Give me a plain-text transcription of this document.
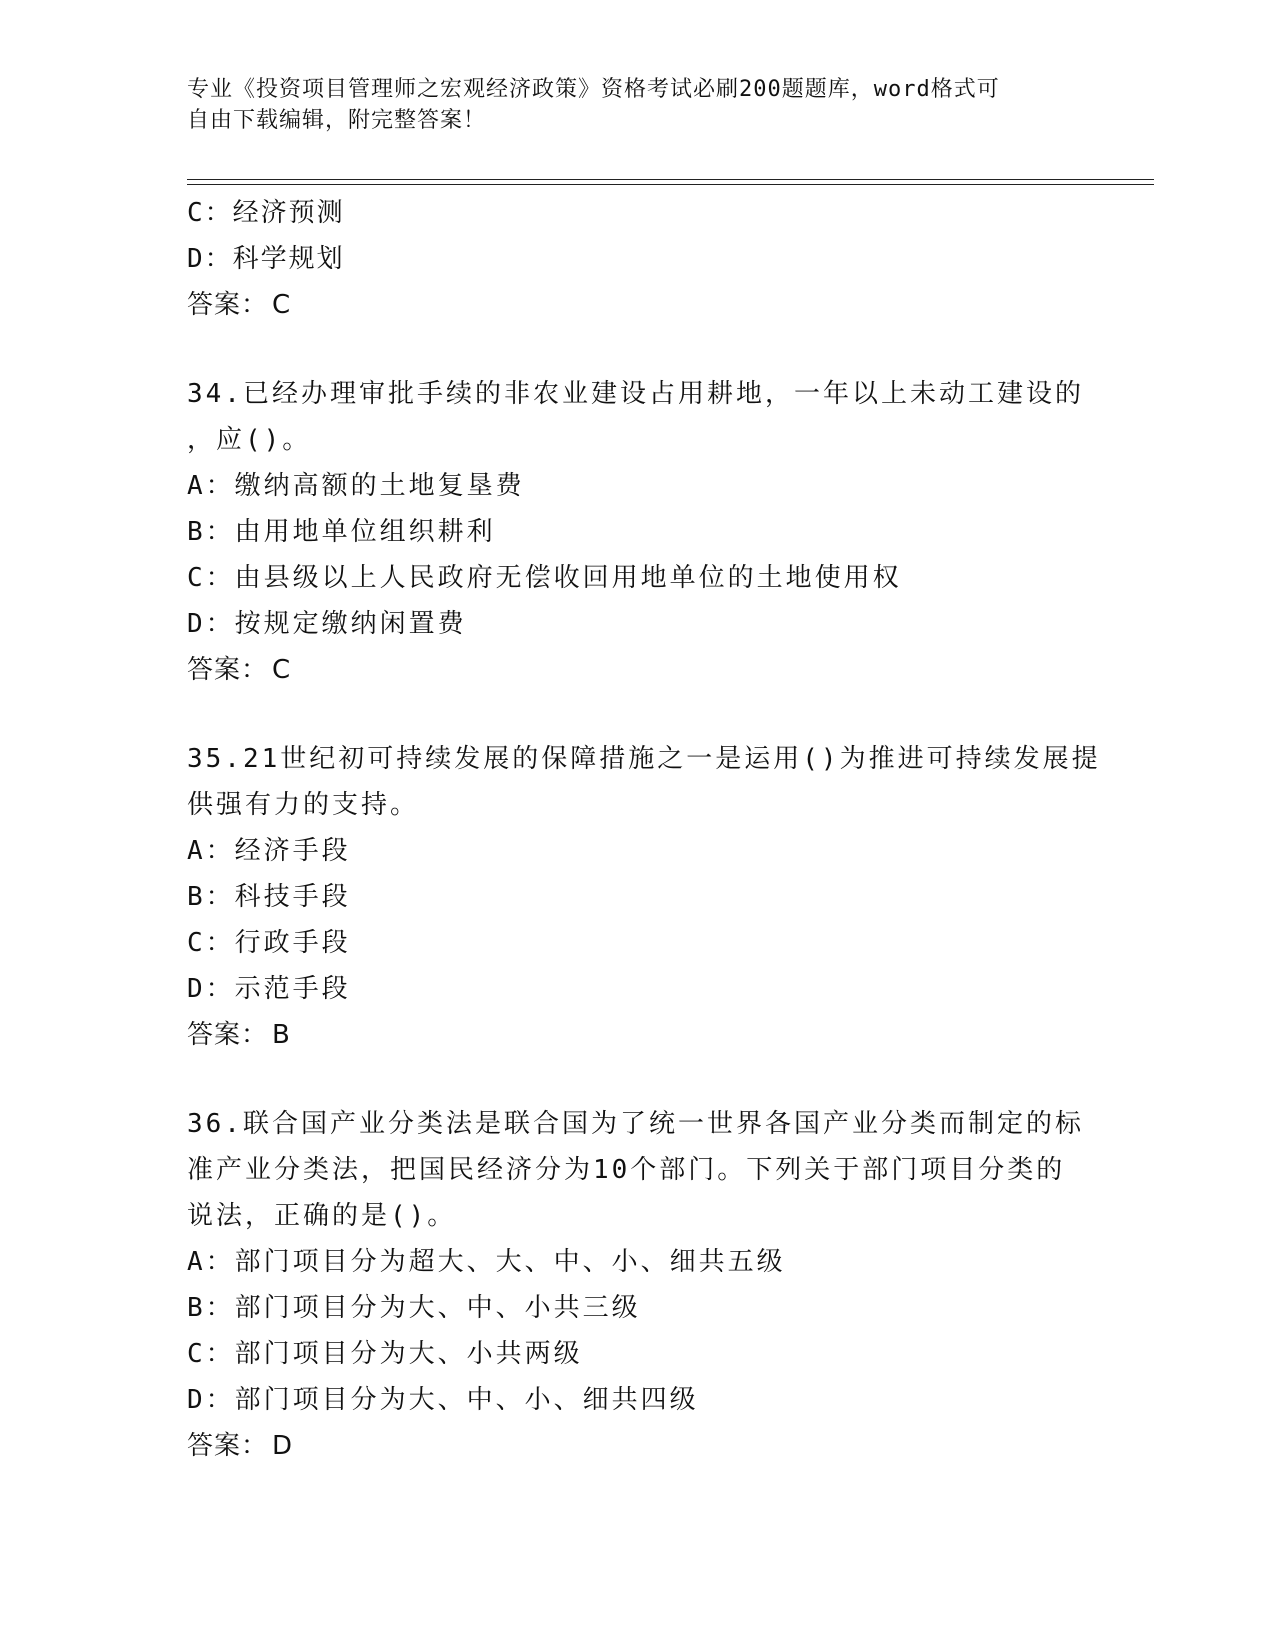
专业《投资项目管理师之宏观经济政策》资格考试必刷200题题库，word格式可
自由下载编辑，附完整答案！
C：经济预测
D：科学规划
答案： C
34.已经办理审批手续的非农业建设占用耕地，一年以上未动工建设的
，应()。
A：缴纳高额的土地复垦费
B：由用地单位组织耕利
C：由县级以上人民政府无偿收回用地单位的土地使用权
D：按规定缴纳闲置费
答案： C
35.21世纪初可持续发展的保障措施之一是运用()为推进可持续发展提
供强有力的支持。
A：经济手段
B：科技手段
C：行政手段
D：示范手段
答案： B
36.联合国产业分类法是联合国为了统一世界各国产业分类而制定的标
准产业分类法，把国民经济分为10个部门。下列关于部门项目分类的
说法，正确的是()。
A：部门项目分为超大、大、中、小、细共五级
B：部门项目分为大、中、小共三级
C：部门项目分为大、小共两级
D：部门项目分为大、中、小、细共四级
答案： D
